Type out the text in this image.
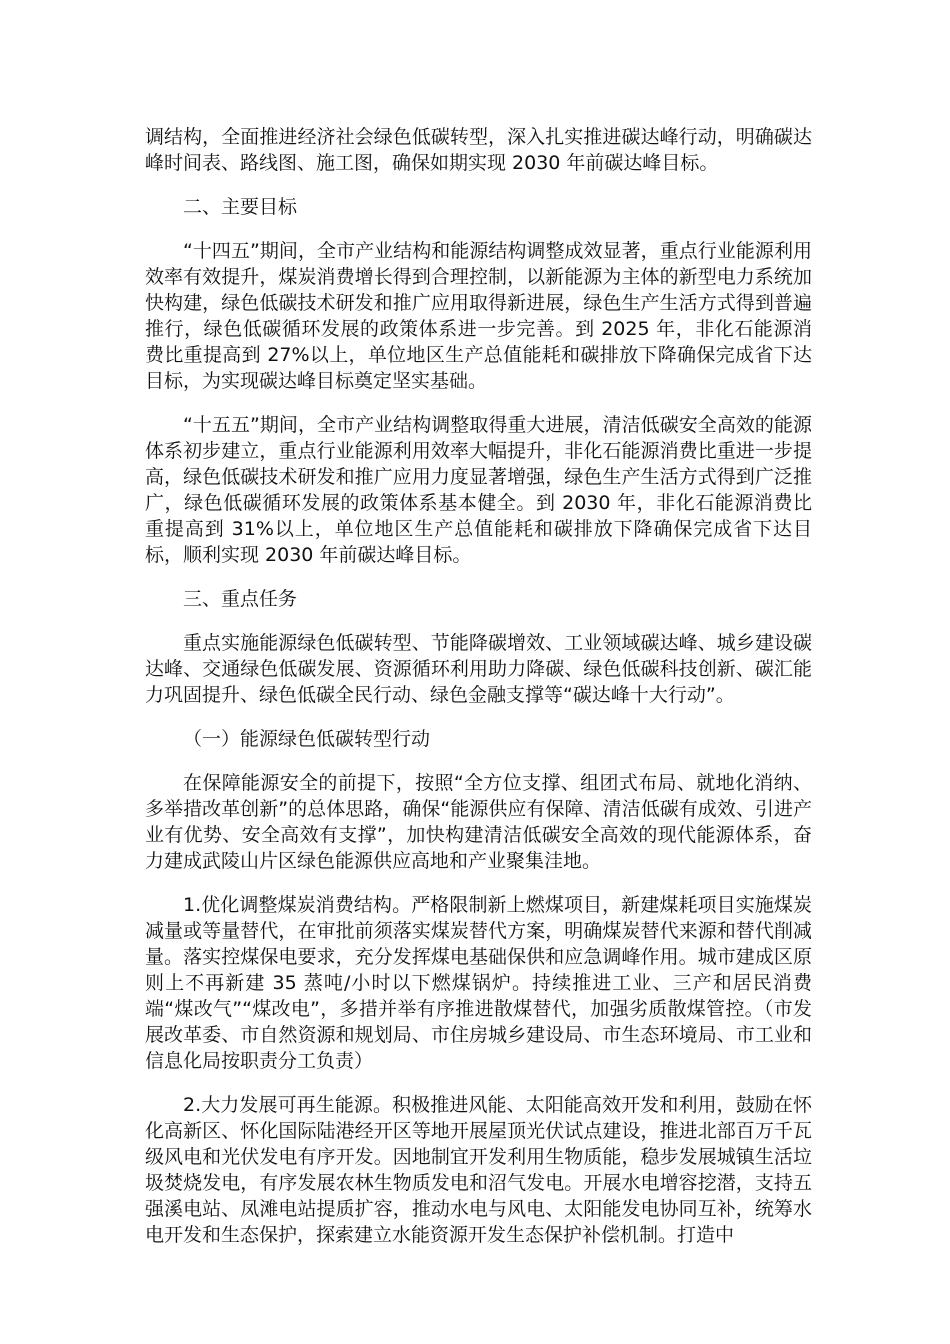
调结构，全面推进经济社会绿色低碳转型，深入扎实推进碳达峰行动，明确碳达峰时间表、路线图、施工图，确保如期实现 2030 年前碳达峰目标。

二、主要目标

“十四五”期间，全市产业结构和能源结构调整成效显著，重点行业能源利用效率有效提升，煤炭消费增长得到合理控制，以新能源为主体的新型电力系统加快构建，绿色低碳技术研发和推广应用取得新进展，绿色生产生活方式得到普遍推行，绿色低碳循环发展的政策体系进一步完善。到 2025 年，非化石能源消费比重提高到 27%以上，单位地区生产总值能耗和碳排放下降确保完成省下达目标，为实现碳达峰目标奠定坚实基础。

“十五五”期间，全市产业结构调整取得重大进展，清洁低碳安全高效的能源体系初步建立，重点行业能源利用效率大幅提升，非化石能源消费比重进一步提高，绿色低碳技术研发和推广应用力度显著增强，绿色生产生活方式得到广泛推广，绿色低碳循环发展的政策体系基本健全。到 2030 年，非化石能源消费比重提高到 31%以上，单位地区生产总值能耗和碳排放下降确保完成省下达目标，顺利实现 2030 年前碳达峰目标。

三、重点任务

重点实施能源绿色低碳转型、节能降碳增效、工业领域碳达峰、城乡建设碳达峰、交通绿色低碳发展、资源循环利用助力降碳、绿色低碳科技创新、碳汇能力巩固提升、绿色低碳全民行动、绿色金融支撑等“碳达峰十大行动”。

（一）能源绿色低碳转型行动

在保障能源安全的前提下，按照“全方位支撑、组团式布局、就地化消纳、多举措改革创新”的总体思路，确保“能源供应有保障、清洁低碳有成效、引进产业有优势、安全高效有支撑”，加快构建清洁低碳安全高效的现代能源体系，奋力建成武陵山片区绿色能源供应高地和产业聚集洼地。

1.优化调整煤炭消费结构。严格限制新上燃煤项目，新建煤耗项目实施煤炭减量或等量替代，在审批前须落实煤炭替代方案，明确煤炭替代来源和替代削减量。落实控煤保电要求，充分发挥煤电基础保供和应急调峰作用。城市建成区原则上不再新建 35 蒸吨/小时以下燃煤锅炉。持续推进工业、三产和居民消费端“煤改气”“煤改电”，多措并举有序推进散煤替代，加强劣质散煤管控。（市发展改革委、市自然资源和规划局、市住房城乡建设局、市生态环境局、市工业和信息化局按职责分工负责）

2.大力发展可再生能源。积极推进风能、太阳能高效开发和利用，鼓励在怀化高新区、怀化国际陆港经开区等地开展屋顶光伏试点建设，推进北部百万千瓦级风电和光伏发电有序开发。因地制宜开发利用生物质能，稳步发展城镇生活垃圾焚烧发电，有序发展农林生物质发电和沼气发电。开展水电增容挖潜，支持五强溪电站、凤滩电站提质扩容，推动水电与风电、太阳能发电协同互补，统筹水电开发和生态保护，探索建立水能资源开发生态保护补偿机制。打造中
